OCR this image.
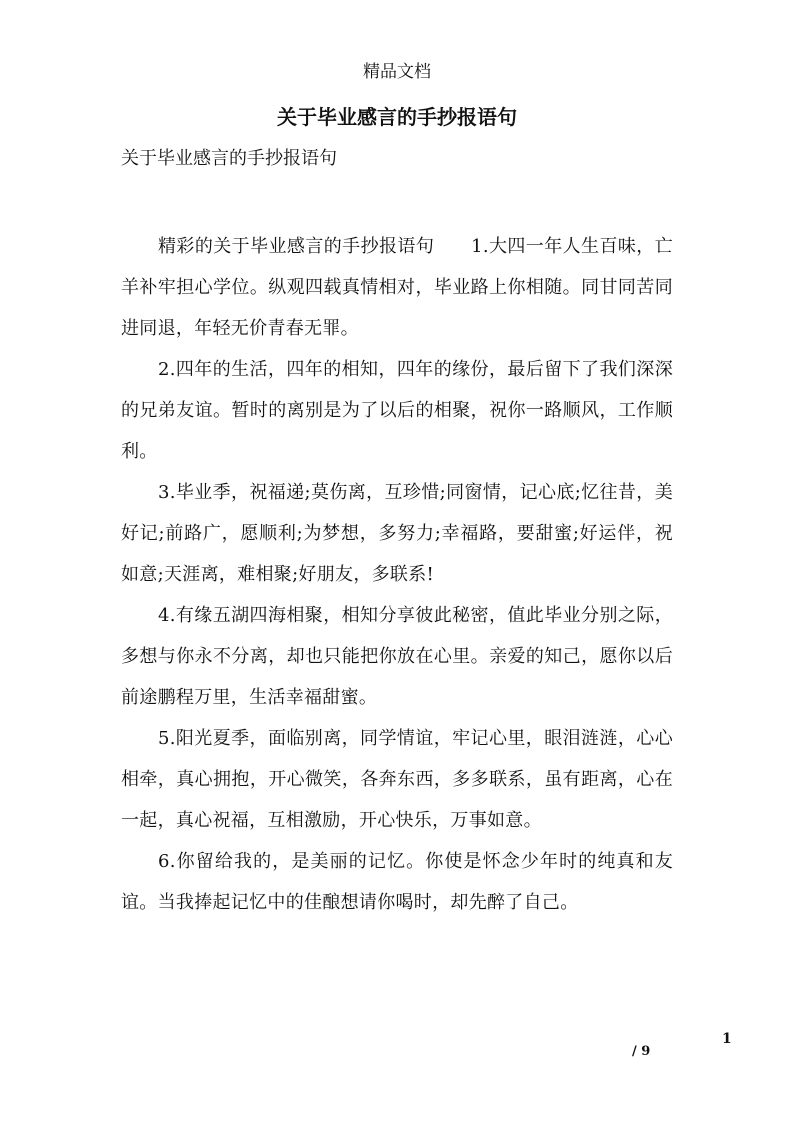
精品文档
关于毕业感言的手抄报语句
关于毕业感言的手抄报语句

精彩的关于毕业感言的手抄报语句　　1.大四一年人生百味，亡羊补牢担心学位。纵观四载真情相对，毕业路上你相随。同甘同苦同进同退，年轻无价青春无罪。

2.四年的生活，四年的相知，四年的缘份，最后留下了我们深深的兄弟友谊。暂时的离别是为了以后的相聚，祝你一路顺风，工作顺利。

3.毕业季，祝福递;莫伤离，互珍惜;同窗情，记心底;忆往昔，美好记;前路广，愿顺利;为梦想，多努力;幸福路，要甜蜜;好运伴，祝如意;天涯离，难相聚;好朋友，多联系!

4.有缘五湖四海相聚，相知分享彼此秘密，值此毕业分别之际，多想与你永不分离，却也只能把你放在心里。亲爱的知己，愿你以后前途鹏程万里，生活幸福甜蜜。

5.阳光夏季，面临别离，同学情谊，牢记心里，眼泪涟涟，心心相牵，真心拥抱，开心微笑，各奔东西，多多联系，虽有距离，心在一起，真心祝福，互相激励，开心快乐，万事如意。

6.你留给我的，是美丽的记忆。你使是怀念少年时的纯真和友谊。当我捧起记忆中的佳酿想请你喝时，却先醉了自己。

1
/ 9
